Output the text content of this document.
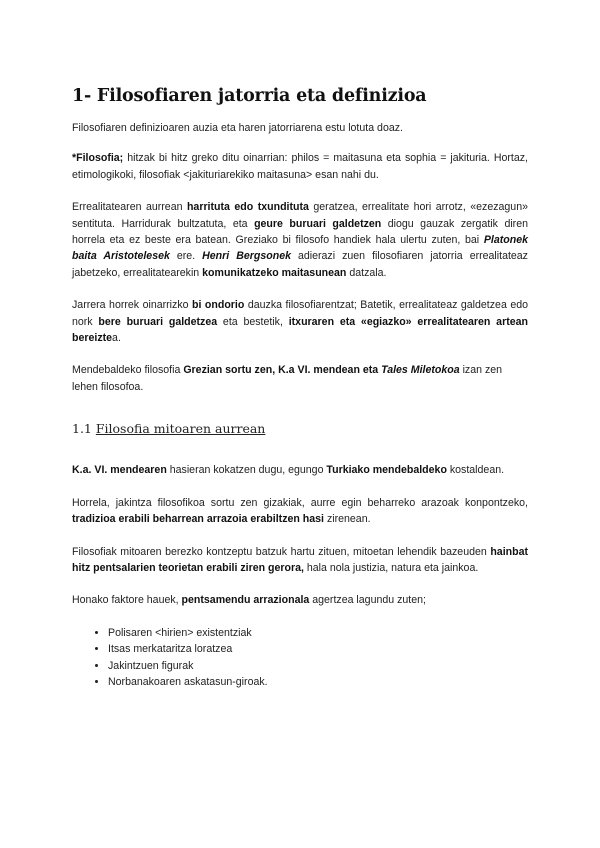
1- Filosofiaren jatorria eta definizioa

Filosofiaren definizioaren auzia eta haren jatorriarena estu lotuta doaz.

*Filosofia; hitzak bi hitz greko ditu oinarrian: philos = maitasuna eta sophia = jakituria. Hortaz, etimologikoki, filosofiak <jakituriarekiko maitasuna> esan nahi du.

Errealitatearen aurrean harrituta edo txundituta geratzea, errealitate hori arrotz, «ezezagun» sentituta. Harridurak bultzatuta, eta geure buruari galdetzen diogu gauzak zergatik diren horrela eta ez beste era batean. Greziako bi filosofo handiek hala ulertu zuten, bai Platonek baita Aristotelesek ere. Henri Bergsonek adierazi zuen filosofiaren jatorria errealitateaz jabetzeko, errealitatearekin komunikatzeko maitasunean datzala.

Jarrera horrek oinarrizko bi ondorio dauzka filosofiarentzat; Batetik, errealitateaz galdetzea edo nork bere buruari galdetzea eta bestetik, itxuraren eta «egiazko» errealitatearen artean bereiztea.

Mendebaldeko filosofia Grezian sortu zen, K.a VI. mendean eta Tales Miletokoa izan zen lehen filosofoa.

1.1 Filosofia mitoaren aurrean

K.a. VI. mendearen hasieran kokatzen dugu, egungo Turkiako mendebaldeko kostaldean.

Horrela, jakintza filosofikoa sortu zen gizakiak, aurre egin beharreko arazoak konpontzeko, tradizioa erabili beharrean arrazoia erabiltzen hasi zirenean.

Filosofiak mitoaren berezko kontzeptu batzuk hartu zituen, mitoetan lehendik bazeuden hainbat hitz pentsalarien teorietan erabili ziren gerora, hala nola justizia, natura eta jainkoa.

Honako faktore hauek, pentsamendu arrazionala agertzea lagundu zuten;

• Polisaren <hirien> existentziak
• Itsas merkataritza loratzea
• Jakintzuen figurak
• Norbanakoaren askatasun-giroak.
